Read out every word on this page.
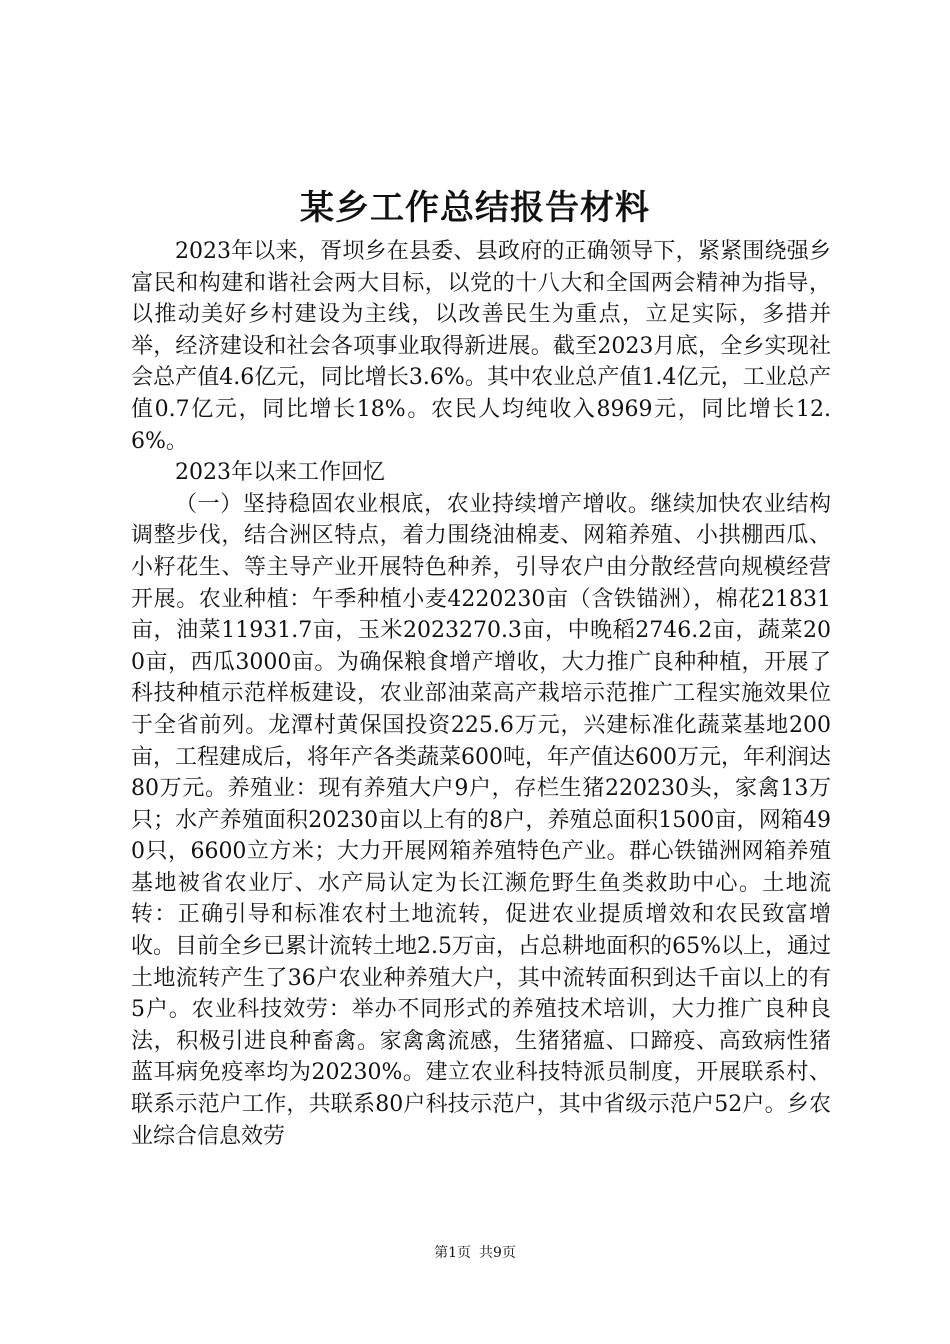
某乡工作总结报告材料

2023年以来，胥坝乡在县委、县政府的正确领导下，紧紧围绕强乡富民和构建和谐社会两大目标，以党的十八大和全国两会精神为指导，以推动美好乡村建设为主线，以改善民生为重点，立足实际，多措并举，经济建设和社会各项事业取得新进展。截至2023月底，全乡实现社会总产值4.6亿元，同比增长3.6%。其中农业总产值1.4亿元，工业总产值0.7亿元，同比增长18%。农民人均纯收入8969元，同比增长12.6%。

2023年以来工作回忆

（一）坚持稳固农业根底，农业持续增产增收。继续加快农业结构调整步伐，结合洲区特点，着力围绕油棉麦、网箱养殖、小拱棚西瓜、小籽花生、等主导产业开展特色种养，引导农户由分散经营向规模经营开展。农业种植：午季种植小麦4220230亩（含铁锚洲），棉花21831亩，油菜11931.7亩，玉米2023270.3亩，中晚稻2746.2亩，蔬菜200亩，西瓜3000亩。为确保粮食增产增收，大力推广良种种植，开展了科技种植示范样板建设，农业部油菜高产栽培示范推广工程实施效果位于全省前列。龙潭村黄保国投资225.6万元，兴建标准化蔬菜基地200亩，工程建成后，将年产各类蔬菜600吨，年产值达600万元，年利润达80万元。养殖业：现有养殖大户9户，存栏生猪220230头，家禽13万只；水产养殖面积20230亩以上有的8户，养殖总面积1500亩，网箱490只，6600立方米；大力开展网箱养殖特色产业。群心铁锚洲网箱养殖基地被省农业厅、水产局认定为长江濒危野生鱼类救助中心。土地流转：正确引导和标准农村土地流转，促进农业提质增效和农民致富增收。目前全乡已累计流转土地2.5万亩，占总耕地面积的65%以上，通过土地流转产生了36户农业种养殖大户，其中流转面积到达千亩以上的有5户。农业科技效劳：举办不同形式的养殖技术培训，大力推广良种良法，积极引进良种畜禽。家禽禽流感，生猪猪瘟、口蹄疫、高致病性猪蓝耳病免疫率均为20230%。建立农业科技特派员制度，开展联系村、联系示范户工作，共联系80户科技示范户，其中省级示范户52户。乡农业综合信息效劳

第1页 共9页
